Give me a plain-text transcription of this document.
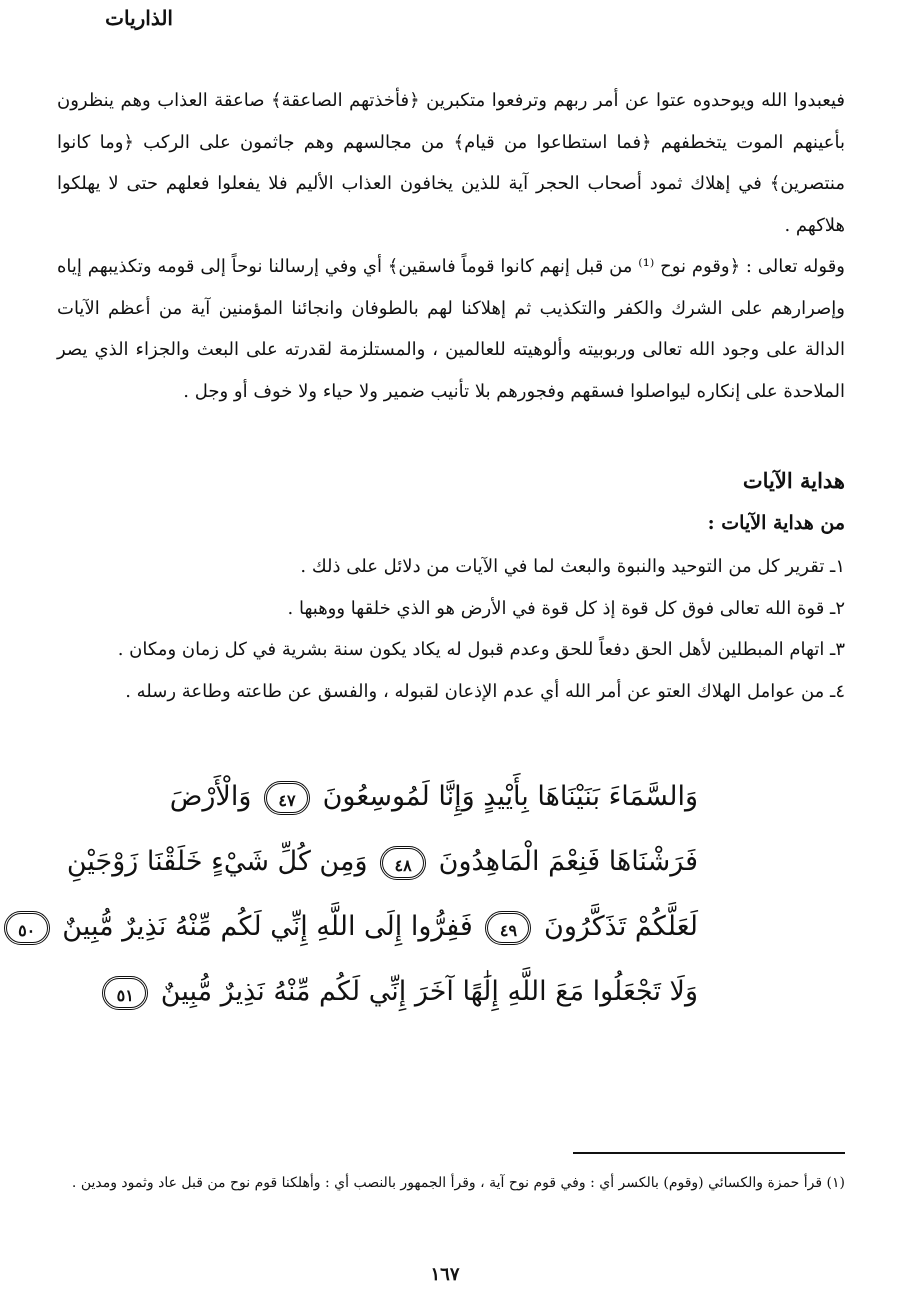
الذاريات
فيعبدوا الله ويوحدوه عتوا عن أمر ربهم وترفعوا متكبرين ﴿فأخذتهم الصاعقة﴾ صاعقة العذاب وهم ينظرون بأعينهم الموت يتخطفهم ﴿فما استطاعوا من قيام﴾ من مجالسهم وهم جاثمون على الركب ﴿وما كانوا منتصرين﴾ في إهلاك ثمود أصحاب الحجر آية للذين يخافون العذاب الأليم فلا يفعلوا فعلهم حتى لا يهلكوا هلاكهم .
وقوله تعالى : ﴿وقوم نوح ⁽¹⁾ من قبل إنهم كانوا قوماً فاسقين﴾ أي وفي إرسالنا نوحاً إلى قومه وتكذيبهم إياه وإصرارهم على الشرك والكفر والتكذيب ثم إهلاكنا لهم بالطوفان وانجائنا المؤمنين آية من أعظم الآيات الدالة على وجود الله تعالى وربوبيته وألوهيته للعالمين ، والمستلزمة لقدرته على البعث والجزاء الذي يصر الملاحدة على إنكاره ليواصلوا فسقهم وفجورهم بلا تأنيب ضمير ولا حياء ولا خوف أو وجل .
هداية الآيات
من هداية الآيات :
١ـ تقرير كل من التوحيد والنبوة والبعث لما في الآيات من دلائل على ذلك .
٢ـ قوة الله تعالى فوق كل قوة إذ كل قوة في الأرض هو الذي خلقها ووهبها .
٣ـ اتهام المبطلين لأهل الحق دفعاً للحق وعدم قبول له يكاد يكون سنة بشرية في كل زمان ومكان .
٤ـ من عوامل الهلاك العتو عن أمر الله أي عدم الإذعان لقبوله ، والفسق عن طاعته وطاعة رسله .
وَالسَّمَاءَ بَنَيْنَاهَا بِأَيْيدٍ وَإِنَّا لَمُوسِعُونَ ٤٧ وَالْأَرْضَ
فَرَشْنَاهَا فَنِعْمَ الْمَاهِدُونَ ٤٨ وَمِن كُلِّ شَيْءٍ خَلَقْنَا زَوْجَيْنِ
لَعَلَّكُمْ تَذَكَّرُونَ ٤٩ فَفِرُّوا إِلَى اللَّهِ إِنِّي لَكُم مِّنْهُ نَذِيرٌ مُّبِينٌ ٥٠
وَلَا تَجْعَلُوا مَعَ اللَّهِ إِلَٰهًا آخَرَ إِنِّي لَكُم مِّنْهُ نَذِيرٌ مُّبِينٌ ٥١
(١) قرأ حمزة والكسائي (وقوم) بالكسر أي : وفي قوم نوح آية ، وقرأ الجمهور بالنصب أي : وأهلكنا قوم نوح من قبل عاد وثمود ومدين .
١٦٧
